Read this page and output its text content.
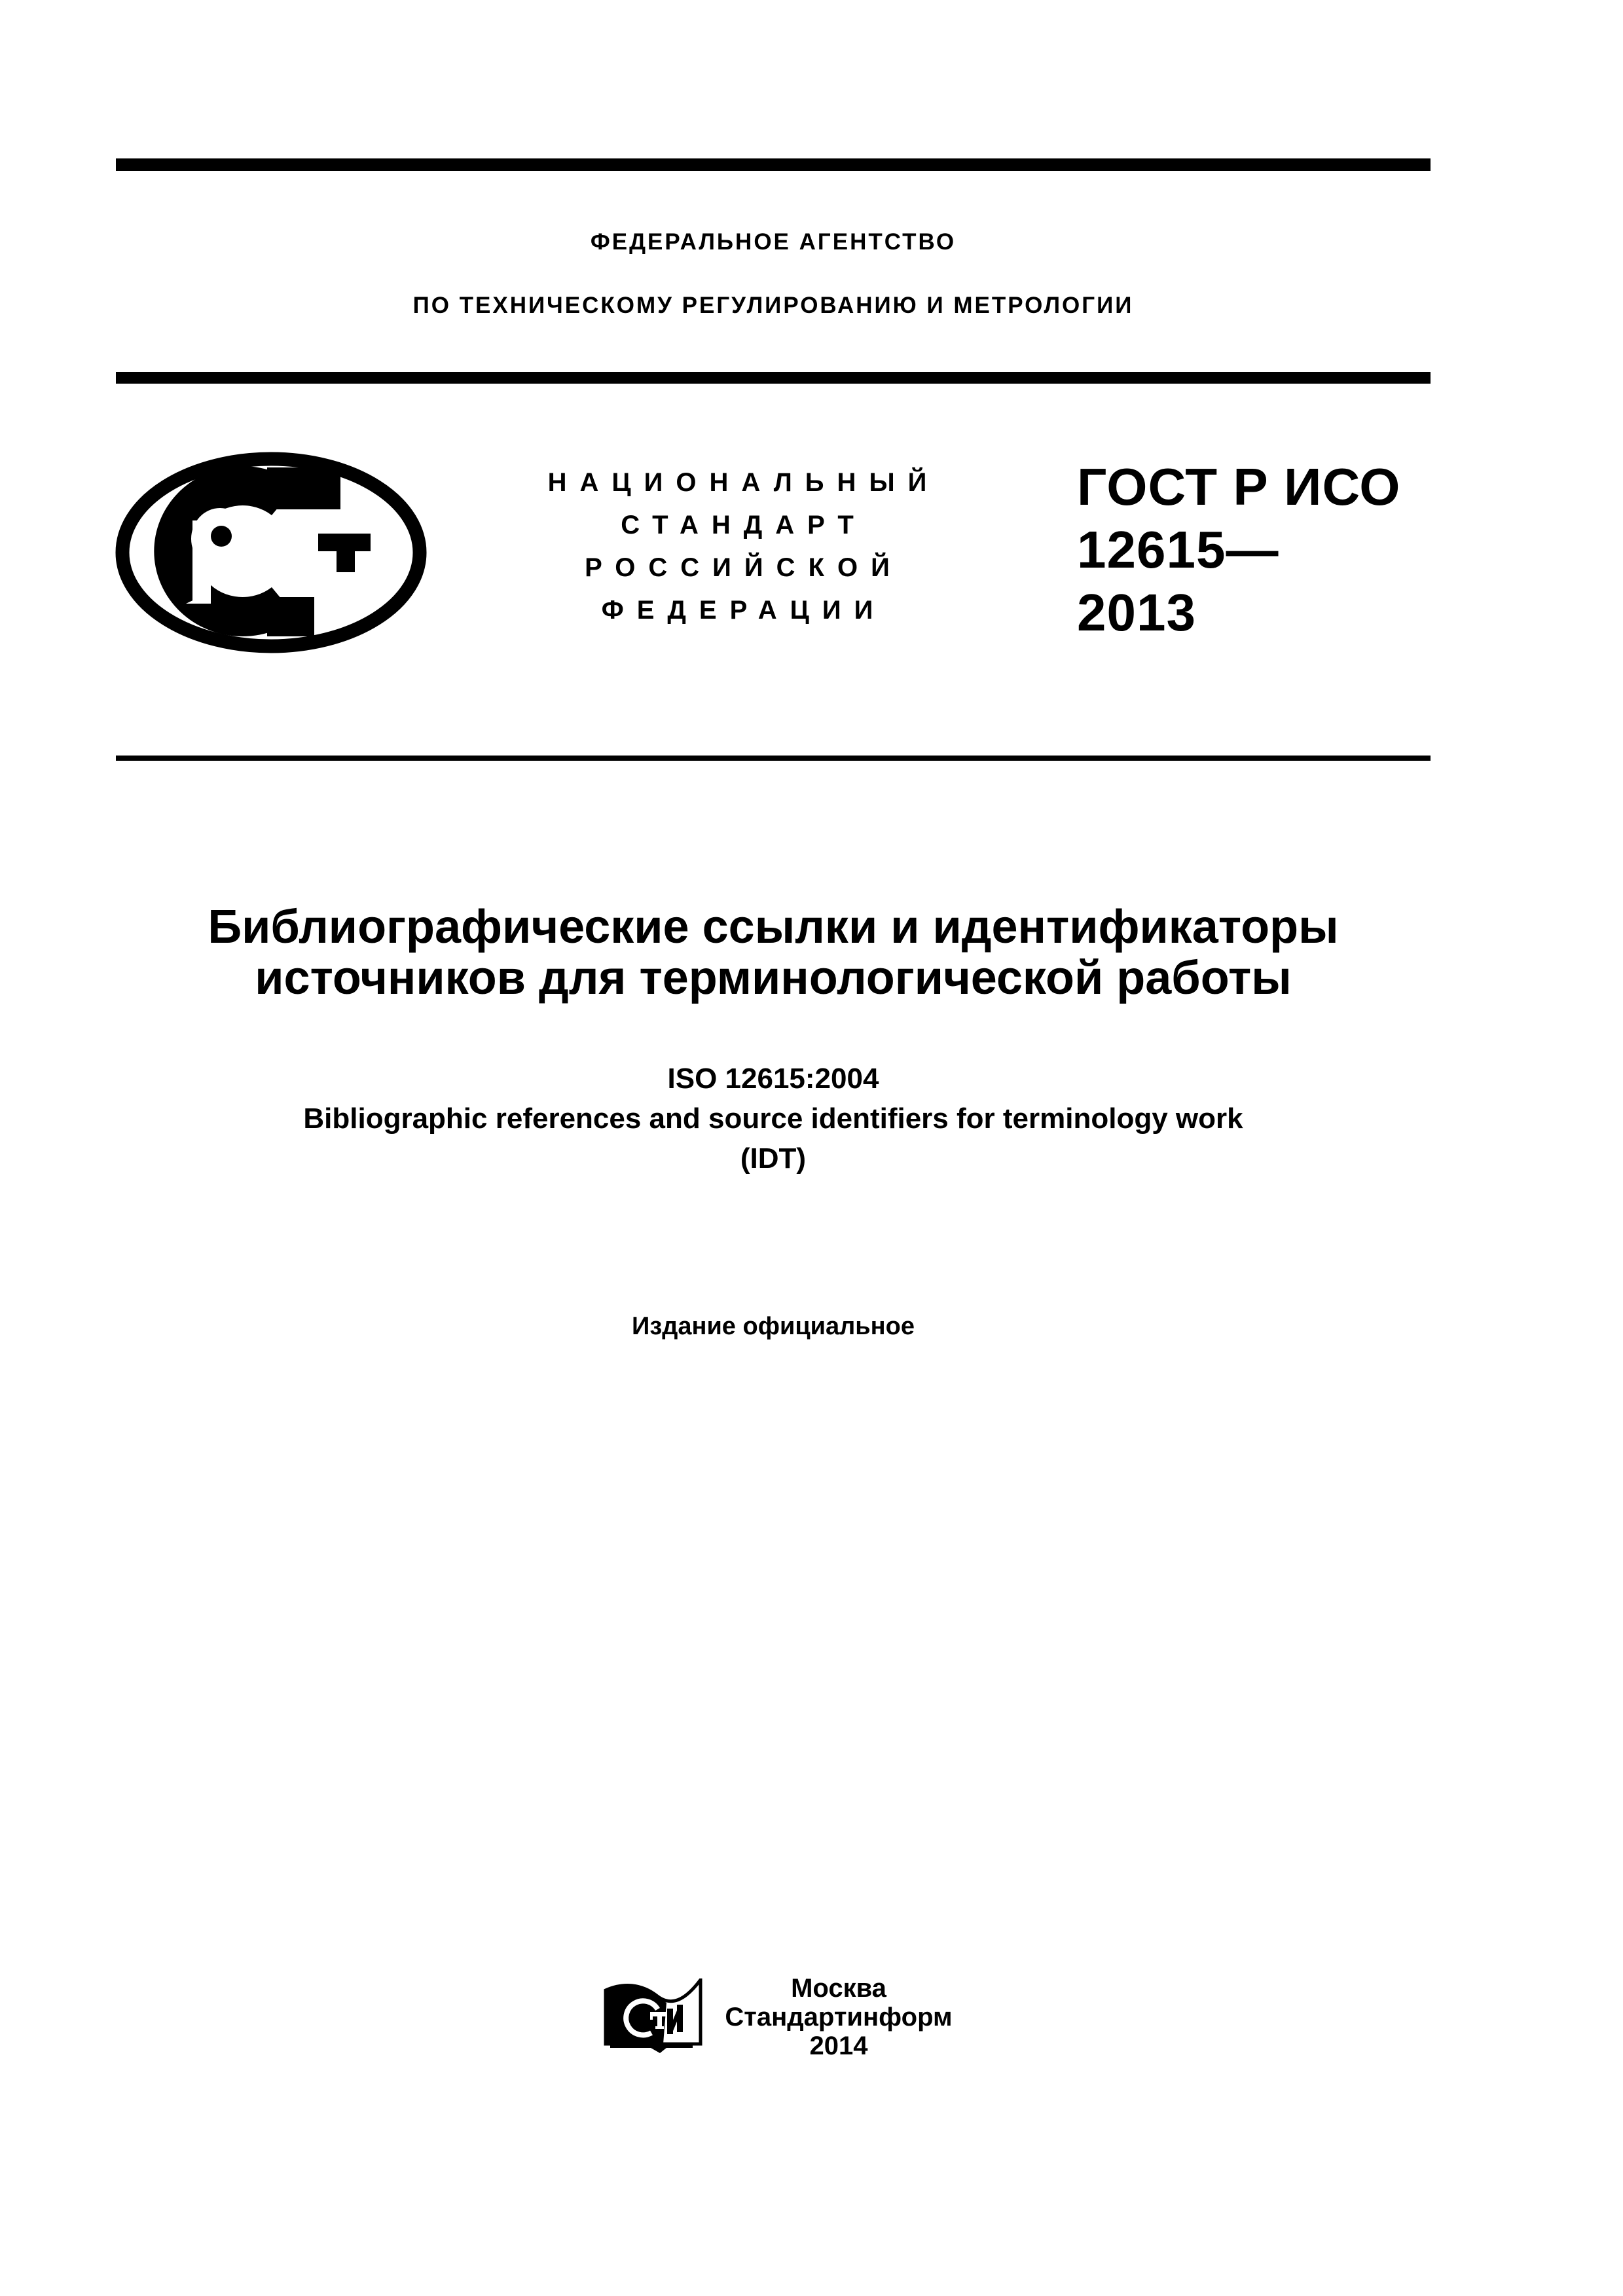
ФЕДЕРАЛЬНОЕ АГЕНТСТВО
ПО ТЕХНИЧЕСКОМУ РЕГУЛИРОВАНИЮ И МЕТРОЛОГИИ
НАЦИОНАЛЬНЫЙ
СТАНДАРТ
РОССИЙСКОЙ
ФЕДЕРАЦИИ
ГОСТ Р ИСО
12615—
2013
Библиографические ссылки и идентификаторы
источников для терминологической работы
ISO 12615:2004
Bibliographic references and source identifiers for terminology work
(IDT)
Издание официальное
Москва
Стандартинформ
2014
